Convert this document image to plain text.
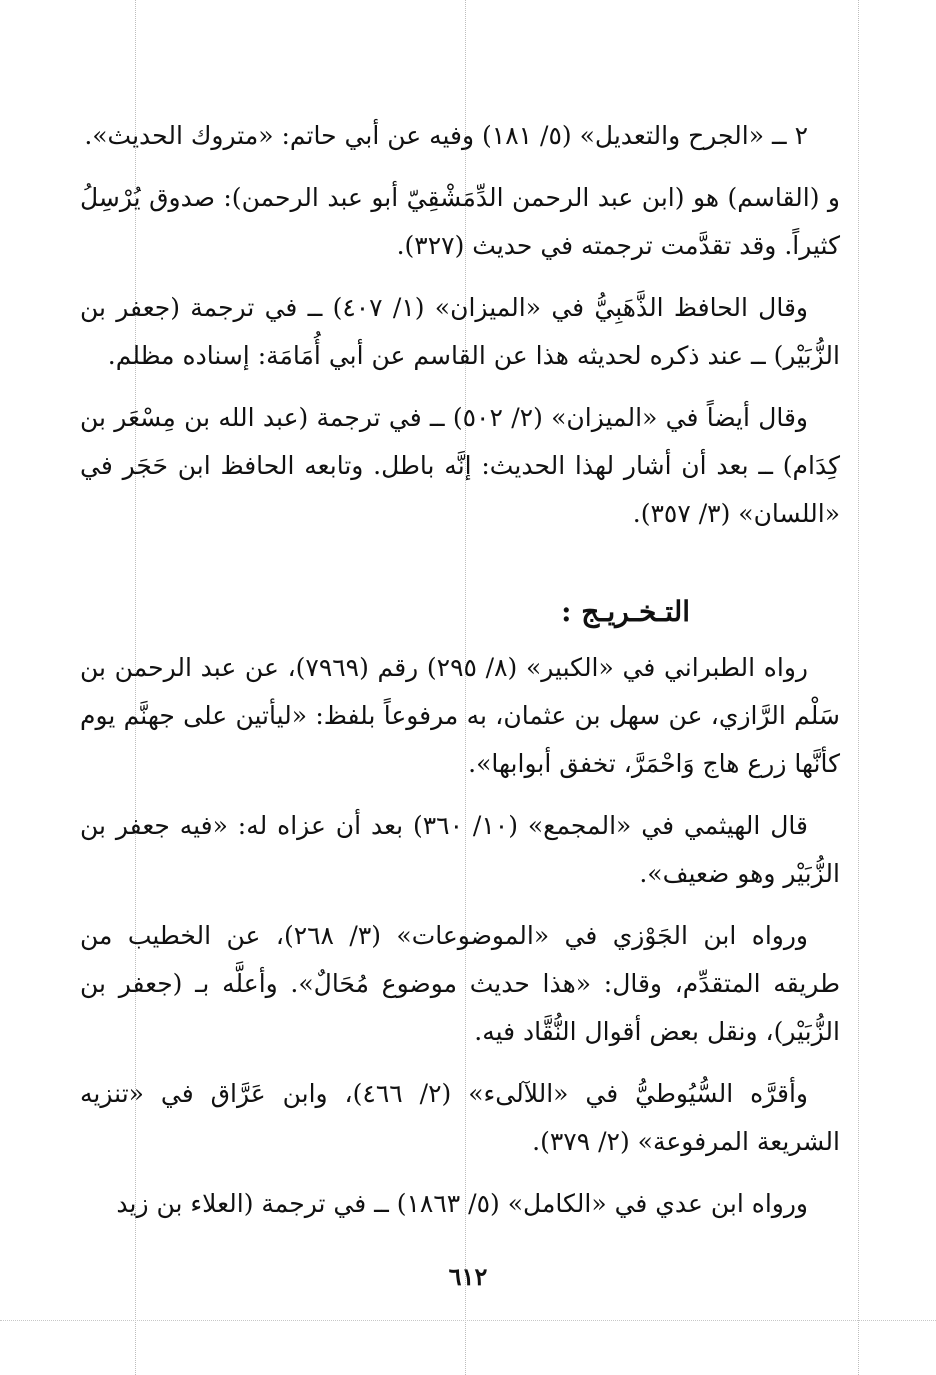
٢ ــ «الجرح والتعديل» (٥/ ١٨١) وفيه عن أبي حاتم: «متروك الحديث».

و (القاسم) هو (ابن عبد الرحمن الدِّمَشْقِيّ أبو عبد الرحمن): صدوق يُرْسِلُ كثيراً. وقد تقدَّمت ترجمته في حديث (٣٢٧).

وقال الحافظ الذَّهَبِيُّ في «الميزان» (١/ ٤٠٧) ــ في ترجمة (جعفر بن الزُّبَيْر) ــ عند ذكره لحديثه هذا عن القاسم عن أبي أُمَامَة: إسناده مظلم.

وقال أيضاً في «الميزان» (٢/ ٥٠٢) ــ في ترجمة (عبد الله بن مِسْعَر بن كِدَام) ــ بعد أن أشار لهذا الحديث: إنَّه باطل. وتابعه الحافظ ابن حَجَر في «اللسان» (٣/ ٣٥٧).

التـخـريـج :

رواه الطبراني في «الكبير» (٨/ ٢٩٥) رقم (٧٩٦٩)، عن عبد الرحمن بن سَلْم الرَّازي، عن سهل بن عثمان، به مرفوعاً بلفظ: «ليأتين على جهنَّم يوم كأنَّها زرع هاج وَاحْمَرَّ، تخفق أبوابها».

قال الهيثمي في «المجمع» (١٠/ ٣٦٠) بعد أن عزاه له: «فيه جعفر بن الزُّبَيْر وهو ضعيف».

ورواه ابن الجَوْزي في «الموضوعات» (٣/ ٢٦٨)، عن الخطيب من طريقه المتقدِّم، وقال: «هذا حديث موضوع مُحَالٌ». وأعلَّه بـ (جعفر بن الزُّبَيْر)، ونقل بعض أقوال النُّقَّاد فيه.

وأقرَّه السُّيُوطيُّ في «اللآلىء» (٢/ ٤٦٦)، وابن عَرَّاق في «تنزيه الشريعة المرفوعة» (٢/ ٣٧٩).

ورواه ابن عدي في «الكامل» (٥/ ١٨٦٣) ــ في ترجمة (العلاء بن زيد

٦١٢
